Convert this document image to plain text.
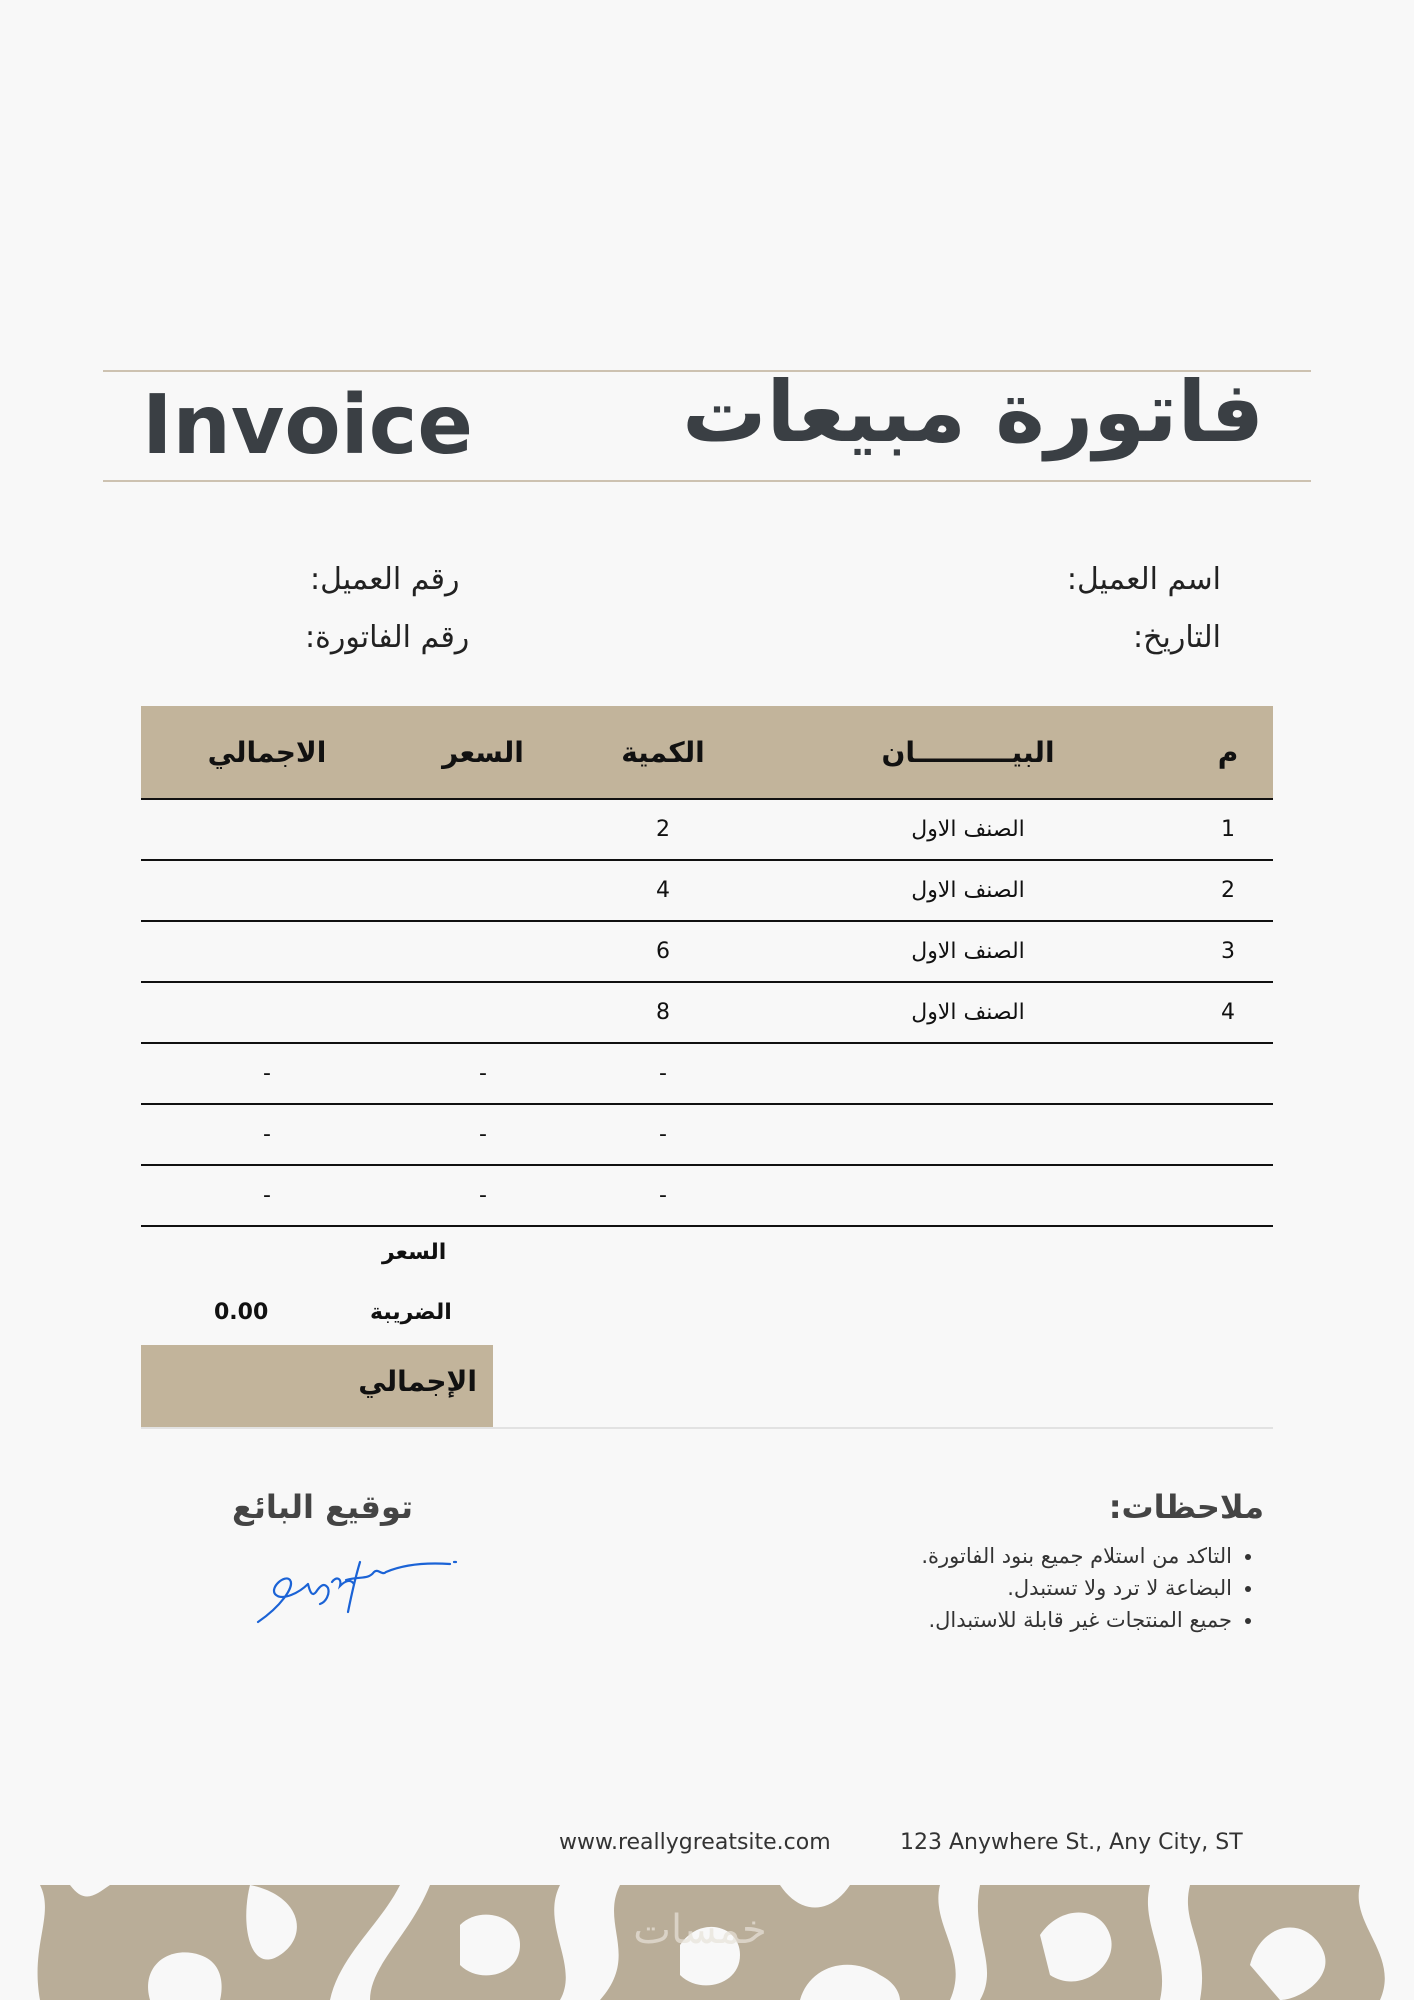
فاتورة مبيعات
Invoice
اسم العميل:
التاريخ:
رقم العميل:
رقم الفاتورة:
م	البيــــــــــان	الكمية	السعر	الاجمالي
1	الصنف الاول	2		
2	الصنف الاول	4		
3	الصنف الاول	6		
4	الصنف الاول	8		
		-	-	-
		-	-	-
		-	-	-
السعر
الضريبة
0.00
الإجمالي
ملاحظات:
• التاكد من استلام جميع بنود الفاتورة.
• البضاعة لا ترد ولا تستبدل.
• جميع المنتجات غير قابلة للاستبدال.
توقيع البائع
www.reallygreatsite.com	123 Anywhere St., Any City, ST
خمسات
